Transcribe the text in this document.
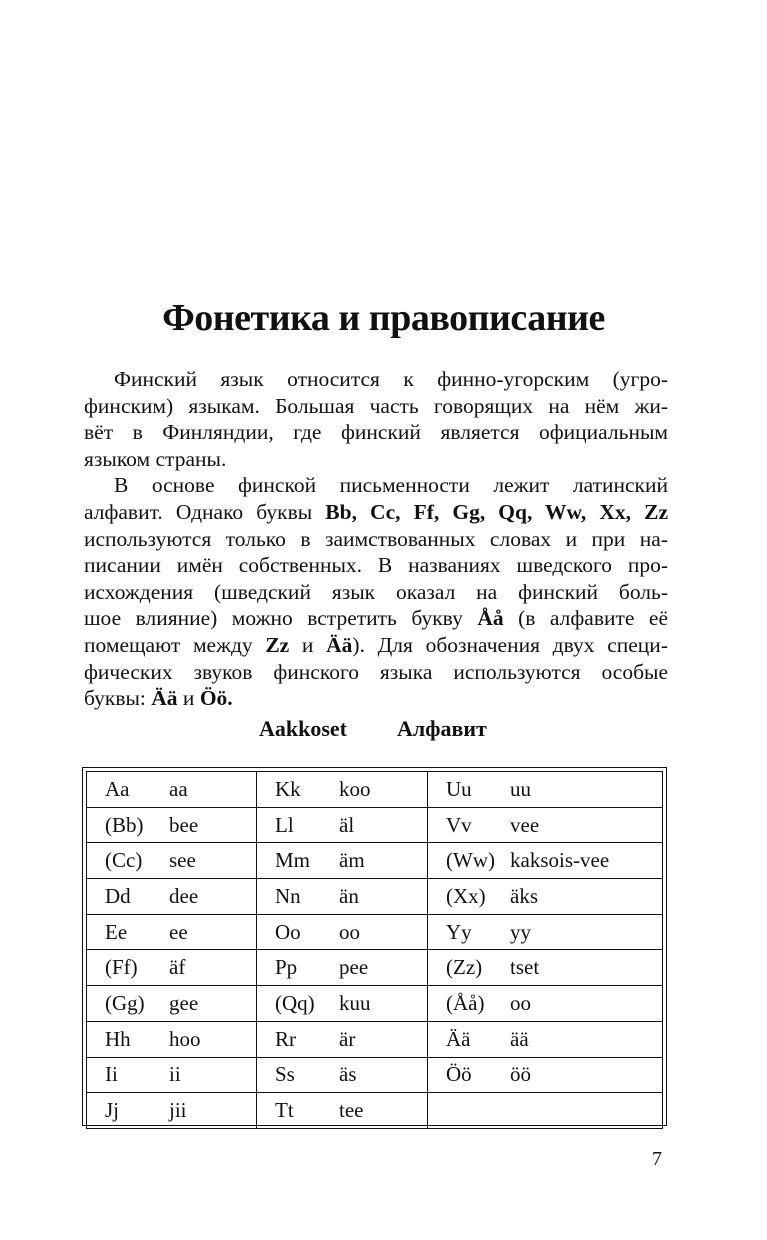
Фонетика и правописание
Финский язык относится к финно-угорским (угро-
финским) языкам. Большая часть говорящих на нём жи-
вёт в Финляндии, где финский является официальным
языком страны.
В основе финской письменности лежит латинский
алфавит. Однако буквы Bb, Cc, Ff, Gg, Qq, Ww, Xx, Zz
используются только в заимствованных словах и при на-
писании имён собственных. В названиях шведского про-
исхождения (шведский язык оказал на финский боль-
шое влияние) можно встретить букву Åå (в алфавите её
помещают между Zz и Ää). Для обозначения двух специ-
фических звуков финского языка используются особые
буквы: Ää и Öö.
Aakkoset Алфавит
Aa aa	Kk koo	Uu uu

(Bb) bee	Ll äl	Vv vee

(Cc) see	Mm äm	(Ww) kaksois-vee

Dd dee	Nn än	(Xx) äks

Ee ee	Oo oo	Yy yy

(Ff) äf	Pp pee	(Zz) tset

(Gg) gee	(Qq) kuu	(Åå) oo

Hh hoo	Rr är	Ää ää

Ii ii	Ss äs	Öö öö

Jj jii	Tt tee	

7
